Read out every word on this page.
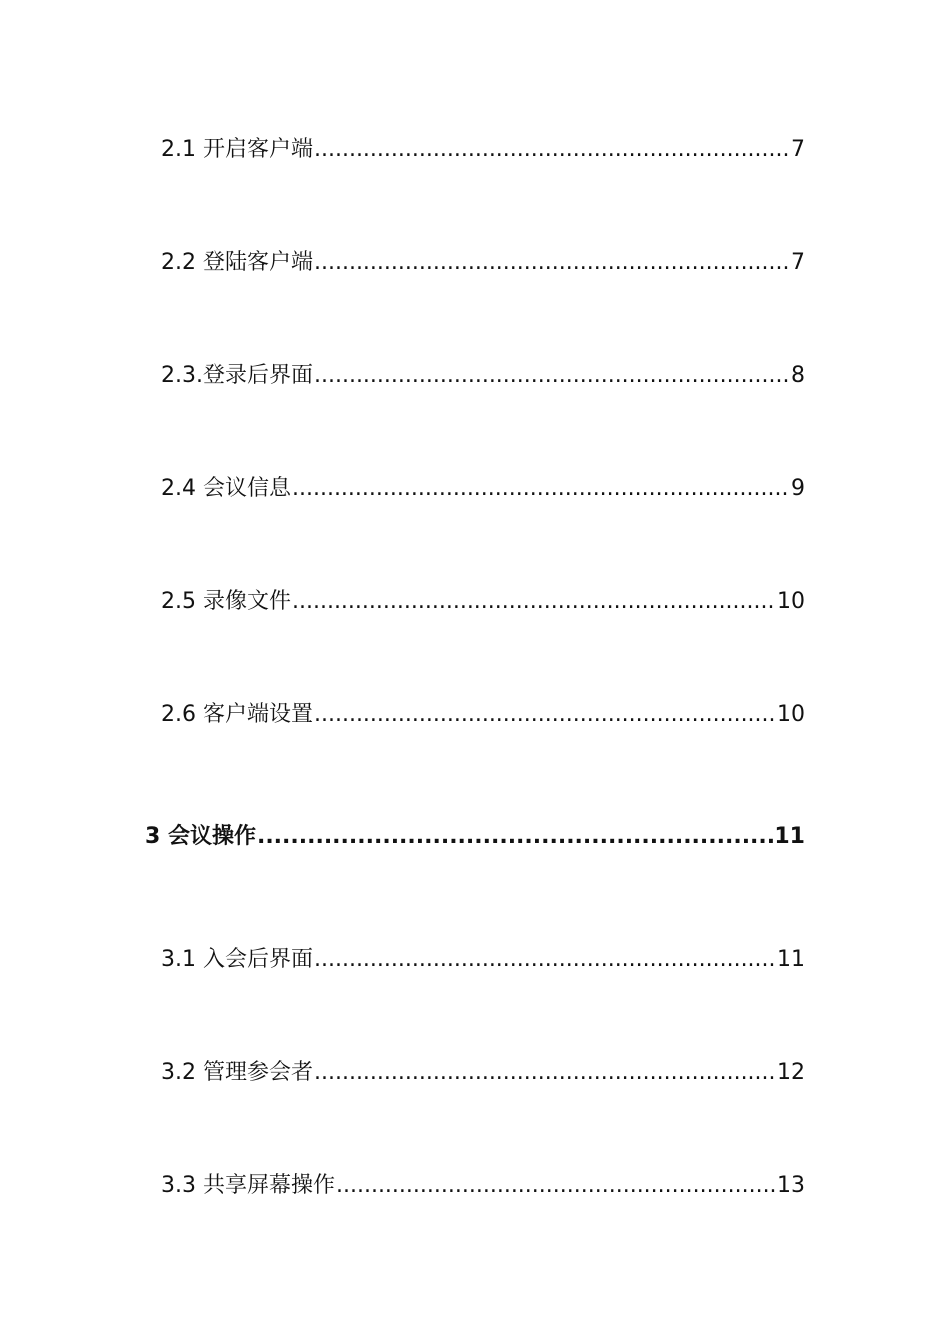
2.1 开启客户端 .....	7
2.2 登陆客户端 .....	7
2.3.登录后界面 .....	8
2.4 会议信息 .....	9
2.5 录像文件 .....	10
2.6 客户端设置 .....	10
3 会议操作 .....	11
3.1 入会后界面 .....	11
3.2 管理参会者 .....	12
3.3 共享屏幕操作 .....	13
